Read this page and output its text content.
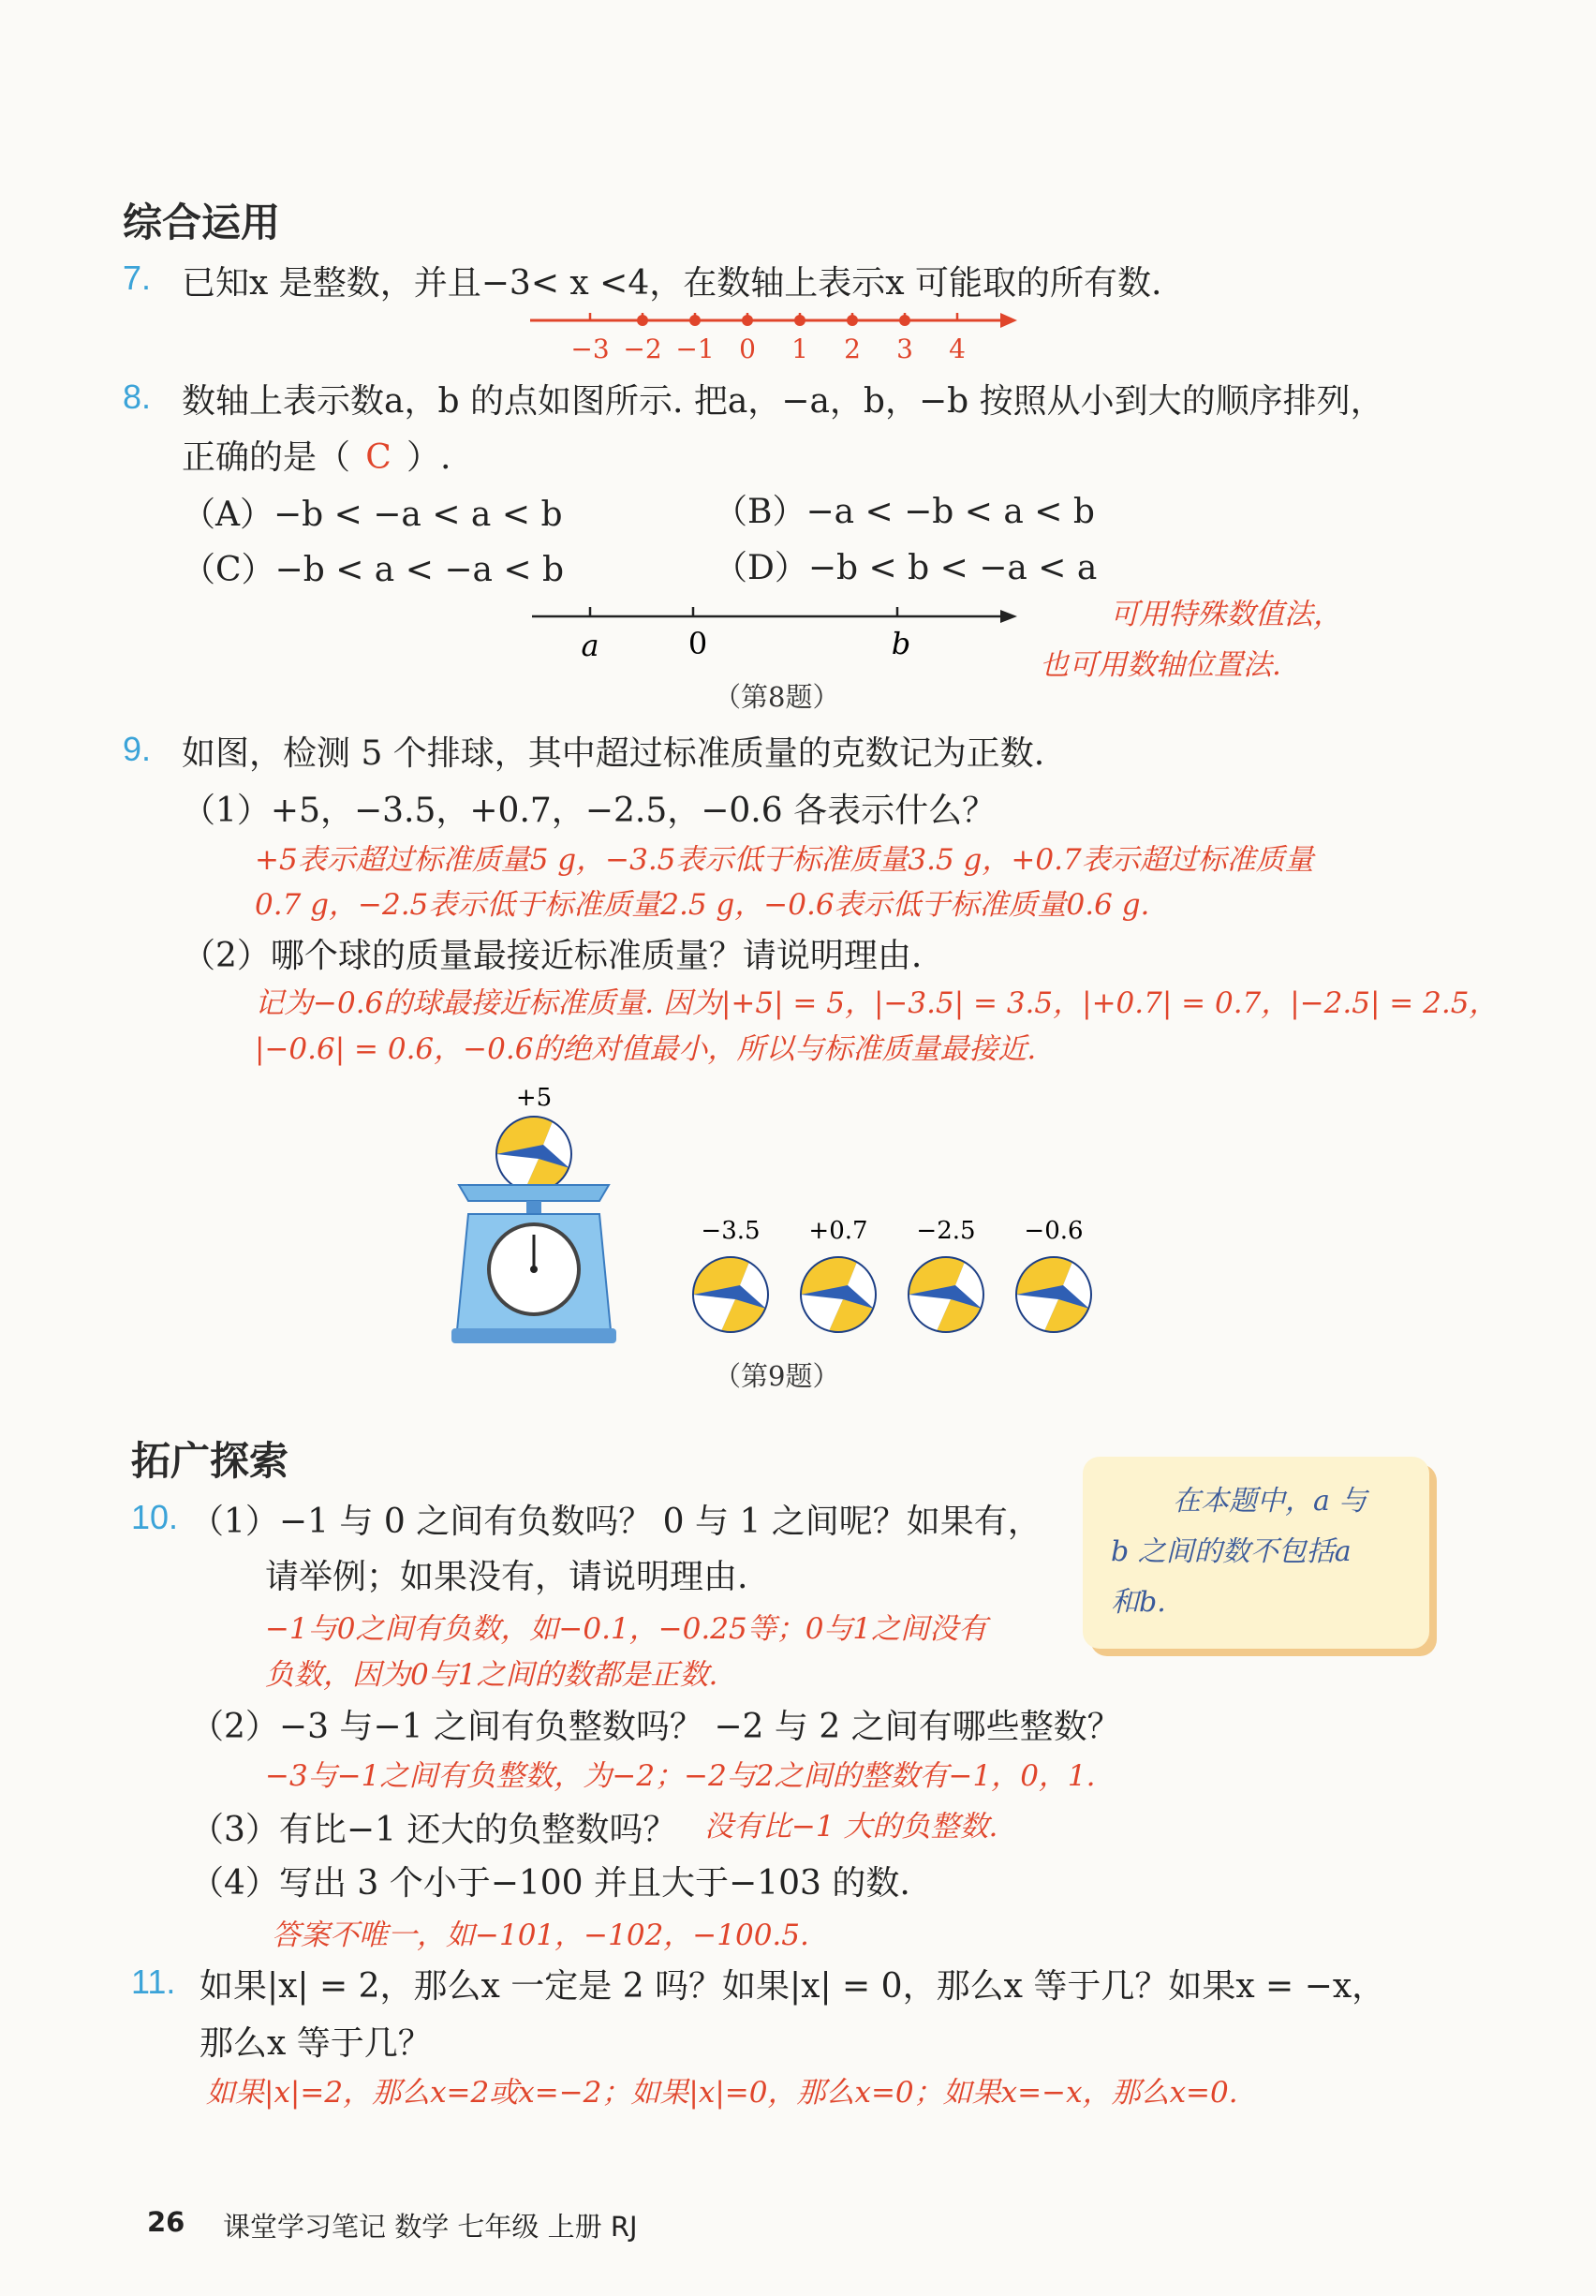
综合运用
7. 已知x 是整数，并且−3< x <4，在数轴上表示x 可能取的所有数.
−3 −2 −1 0 1 2 3 4
8. 数轴上表示数a，b 的点如图所示. 把a，−a，b，−b 按照从小到大的顺序排列，
正确的是（ C ）.
（A）−b < −a < a < b	（B）−a < −b < a < b
（C）−b < a < −a < b	（D）−b < b < −a < a
a	0	b
（第8题）
可用特殊数值法，
也可用数轴位置法.
9. 如图，检测 5 个排球，其中超过标准质量的克数记为正数.
（1）+5，−3.5，+0.7，−2.5，−0.6 各表示什么？
+5表示超过标准质量5 g，−3.5表示低于标准质量3.5 g，+0.7表示超过标准质量
0.7 g，−2.5表示低于标准质量2.5 g，−0.6表示低于标准质量0.6 g.
（2）哪个球的质量最接近标准质量？请说明理由.
记为−0.6的球最接近标准质量. 因为|+5| = 5，|−3.5| = 3.5，|+0.7| = 0.7，|−2.5| = 2.5，
|−0.6| = 0.6，−0.6的绝对值最小，所以与标准质量最接近.
+5
−3.5 +0.7 −2.5 −0.6
（第9题）
拓广探索
在本题中，a 与
b 之间的数不包括a
和b.
10. （1）−1 与 0 之间有负数吗？ 0 与 1 之间呢？如果有，
请举例；如果没有，请说明理由.
−1与0之间有负数，如−0.1，−0.25等；0与1之间没有
负数，因为0与1之间的数都是正数.
（2）−3 与−1 之间有负整数吗？ −2 与 2 之间有哪些整数？
−3与−1之间有负整数，为−2；−2与2之间的整数有−1，0，1.
（3）有比−1 还大的负整数吗？ 没有比−1 大的负整数.
（4）写出 3 个小于−100 并且大于−103 的数.
答案不唯一，如−101，−102，−100.5.
11. 如果|x| = 2，那么x 一定是 2 吗？如果|x| = 0，那么x 等于几？如果x = −x，
那么x 等于几？
如果|x|=2，那么x=2或x=−2；如果|x|=0，那么x=0；如果x=−x，那么x=0.
26 课堂学习笔记 数学 七年级 上册 RJ
